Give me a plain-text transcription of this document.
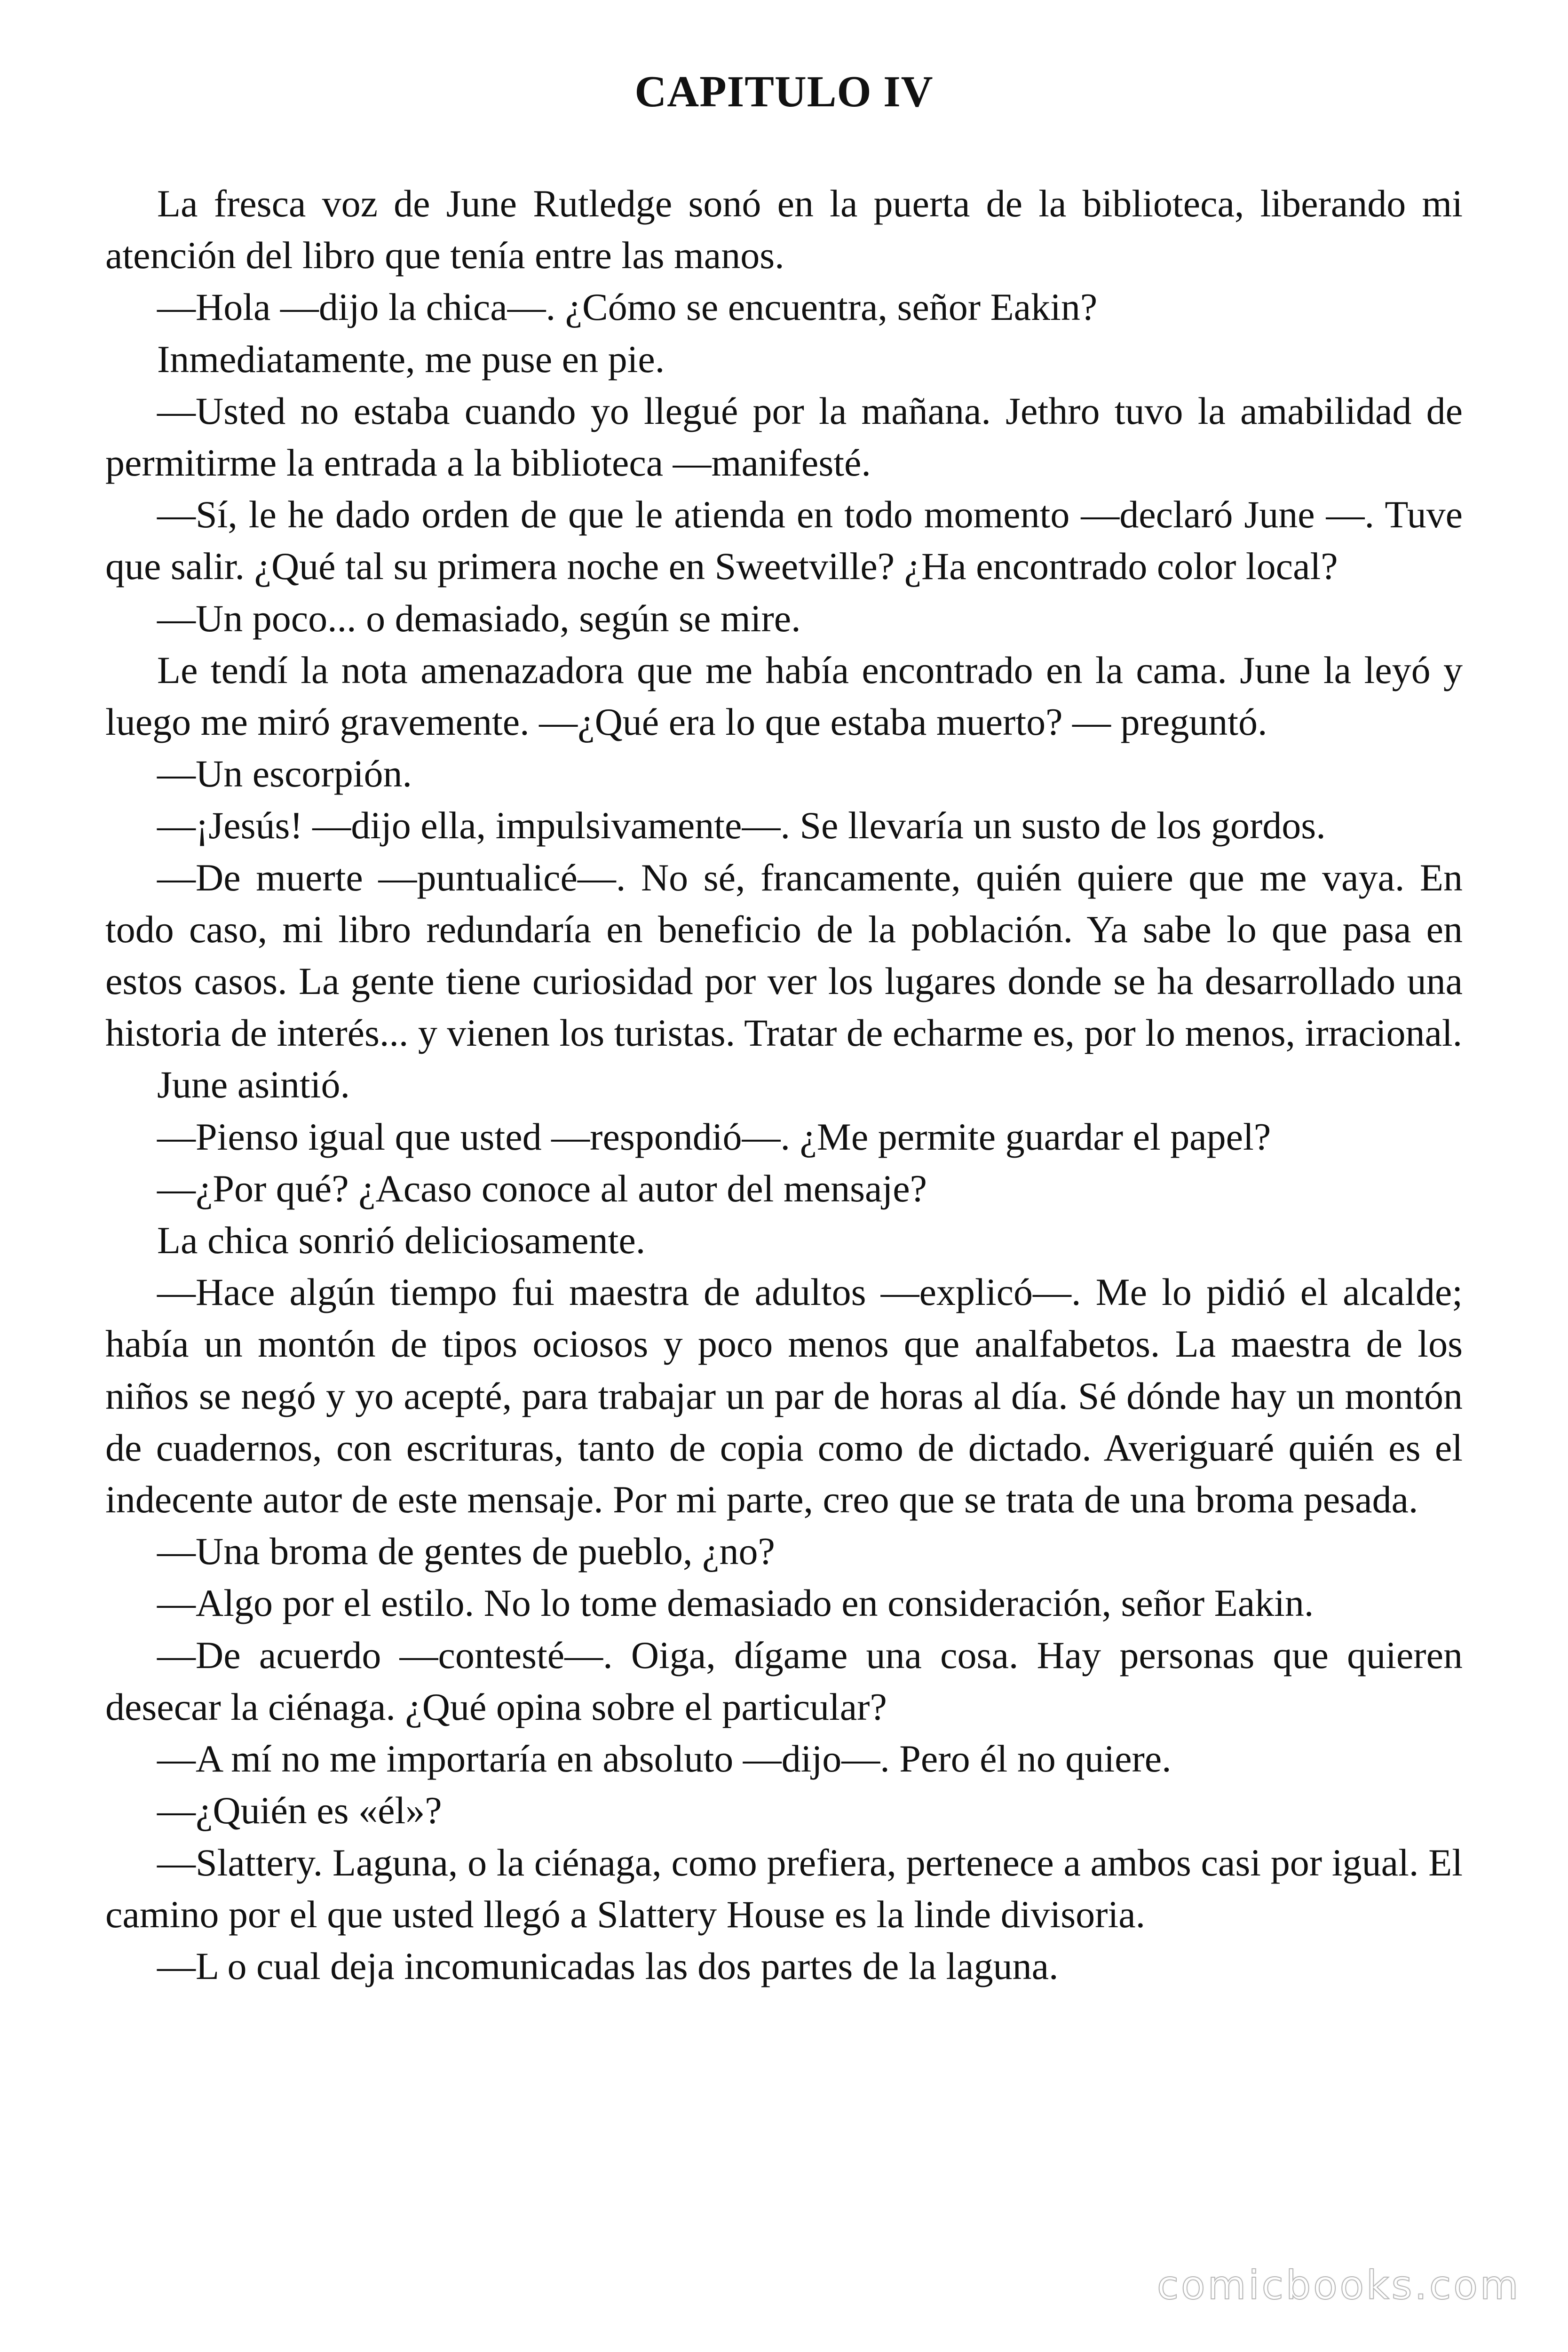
CAPITULO IV

La fresca voz de June Rutledge sonó en la puerta de la biblioteca, liberando mi atención del libro que tenía entre las manos.

—Hola —dijo la chica—. ¿Cómo se encuentra, señor Eakin?

Inmediatamente, me puse en pie.

—Usted no estaba cuando yo llegué por la mañana. Jethro tuvo la amabilidad de permitirme la entrada a la biblioteca —manifesté.

—Sí, le he dado orden de que le atienda en todo momento —declaró June —. Tuve que salir. ¿Qué tal su primera noche en Sweetville? ¿Ha encontrado color local?

—Un poco... o demasiado, según se mire.

Le tendí la nota amenazadora que me había encontrado en la cama. June la leyó y luego me miró gravemente. —¿Qué era lo que estaba muerto? — preguntó.

—Un escorpión.

—¡Jesús! —dijo ella, impulsivamente—. Se llevaría un susto de los gordos.

—De muerte —puntualicé—. No sé, francamente, quién quiere que me vaya. En todo caso, mi libro redundaría en beneficio de la población. Ya sabe lo que pasa en estos casos. La gente tiene curiosidad por ver los lugares donde se ha desarrollado una historia de interés... y vienen los turistas. Tratar de echarme es, por lo menos, irracional.

June asintió.

—Pienso igual que usted —respondió—. ¿Me permite guardar el papel?

—¿Por qué? ¿Acaso conoce al autor del mensaje?

La chica sonrió deliciosamente.

—Hace algún tiempo fui maestra de adultos —explicó—. Me lo pidió el alcalde; había un montón de tipos ociosos y poco menos que analfabetos. La maestra de los niños se negó y yo acepté, para trabajar un par de horas al día. Sé dónde hay un montón de cuadernos, con escrituras, tanto de copia como de dictado. Averiguaré quién es el indecente autor de este mensaje. Por mi parte, creo que se trata de una broma pesada.

—Una broma de gentes de pueblo, ¿no?

—Algo por el estilo. No lo tome demasiado en consideración, señor Eakin.

—De acuerdo —contesté—. Oiga, dígame una cosa. Hay personas que quieren desecar la ciénaga. ¿Qué opina sobre el particular?

—A mí no me importaría en absoluto —dijo—. Pero él no quiere.

—¿Quién es «él»?

—Slattery. Laguna, o la ciénaga, como prefiera, pertenece a ambos casi por igual. El camino por el que usted llegó a Slattery House es la linde divisoria.

—L o cual deja incomunicadas las dos partes de la laguna.

comicbooks.com
